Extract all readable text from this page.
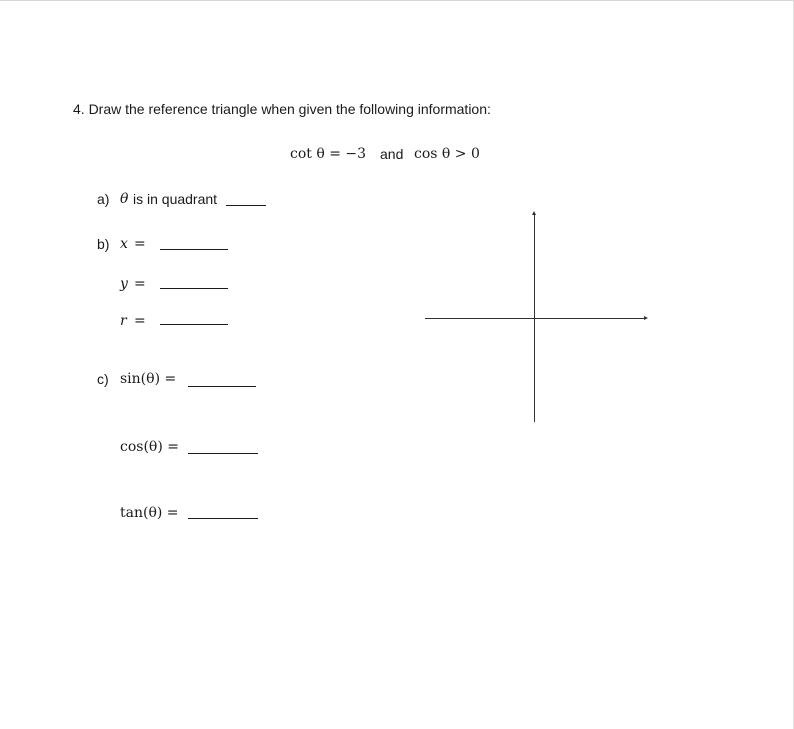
4. Draw the reference triangle when given the following information:
cot θ = −3 and cos θ > 0
a) θ is in quadrant
b) x =
y =
r =
c) sin(θ) =
cos(θ) =
tan(θ) =
